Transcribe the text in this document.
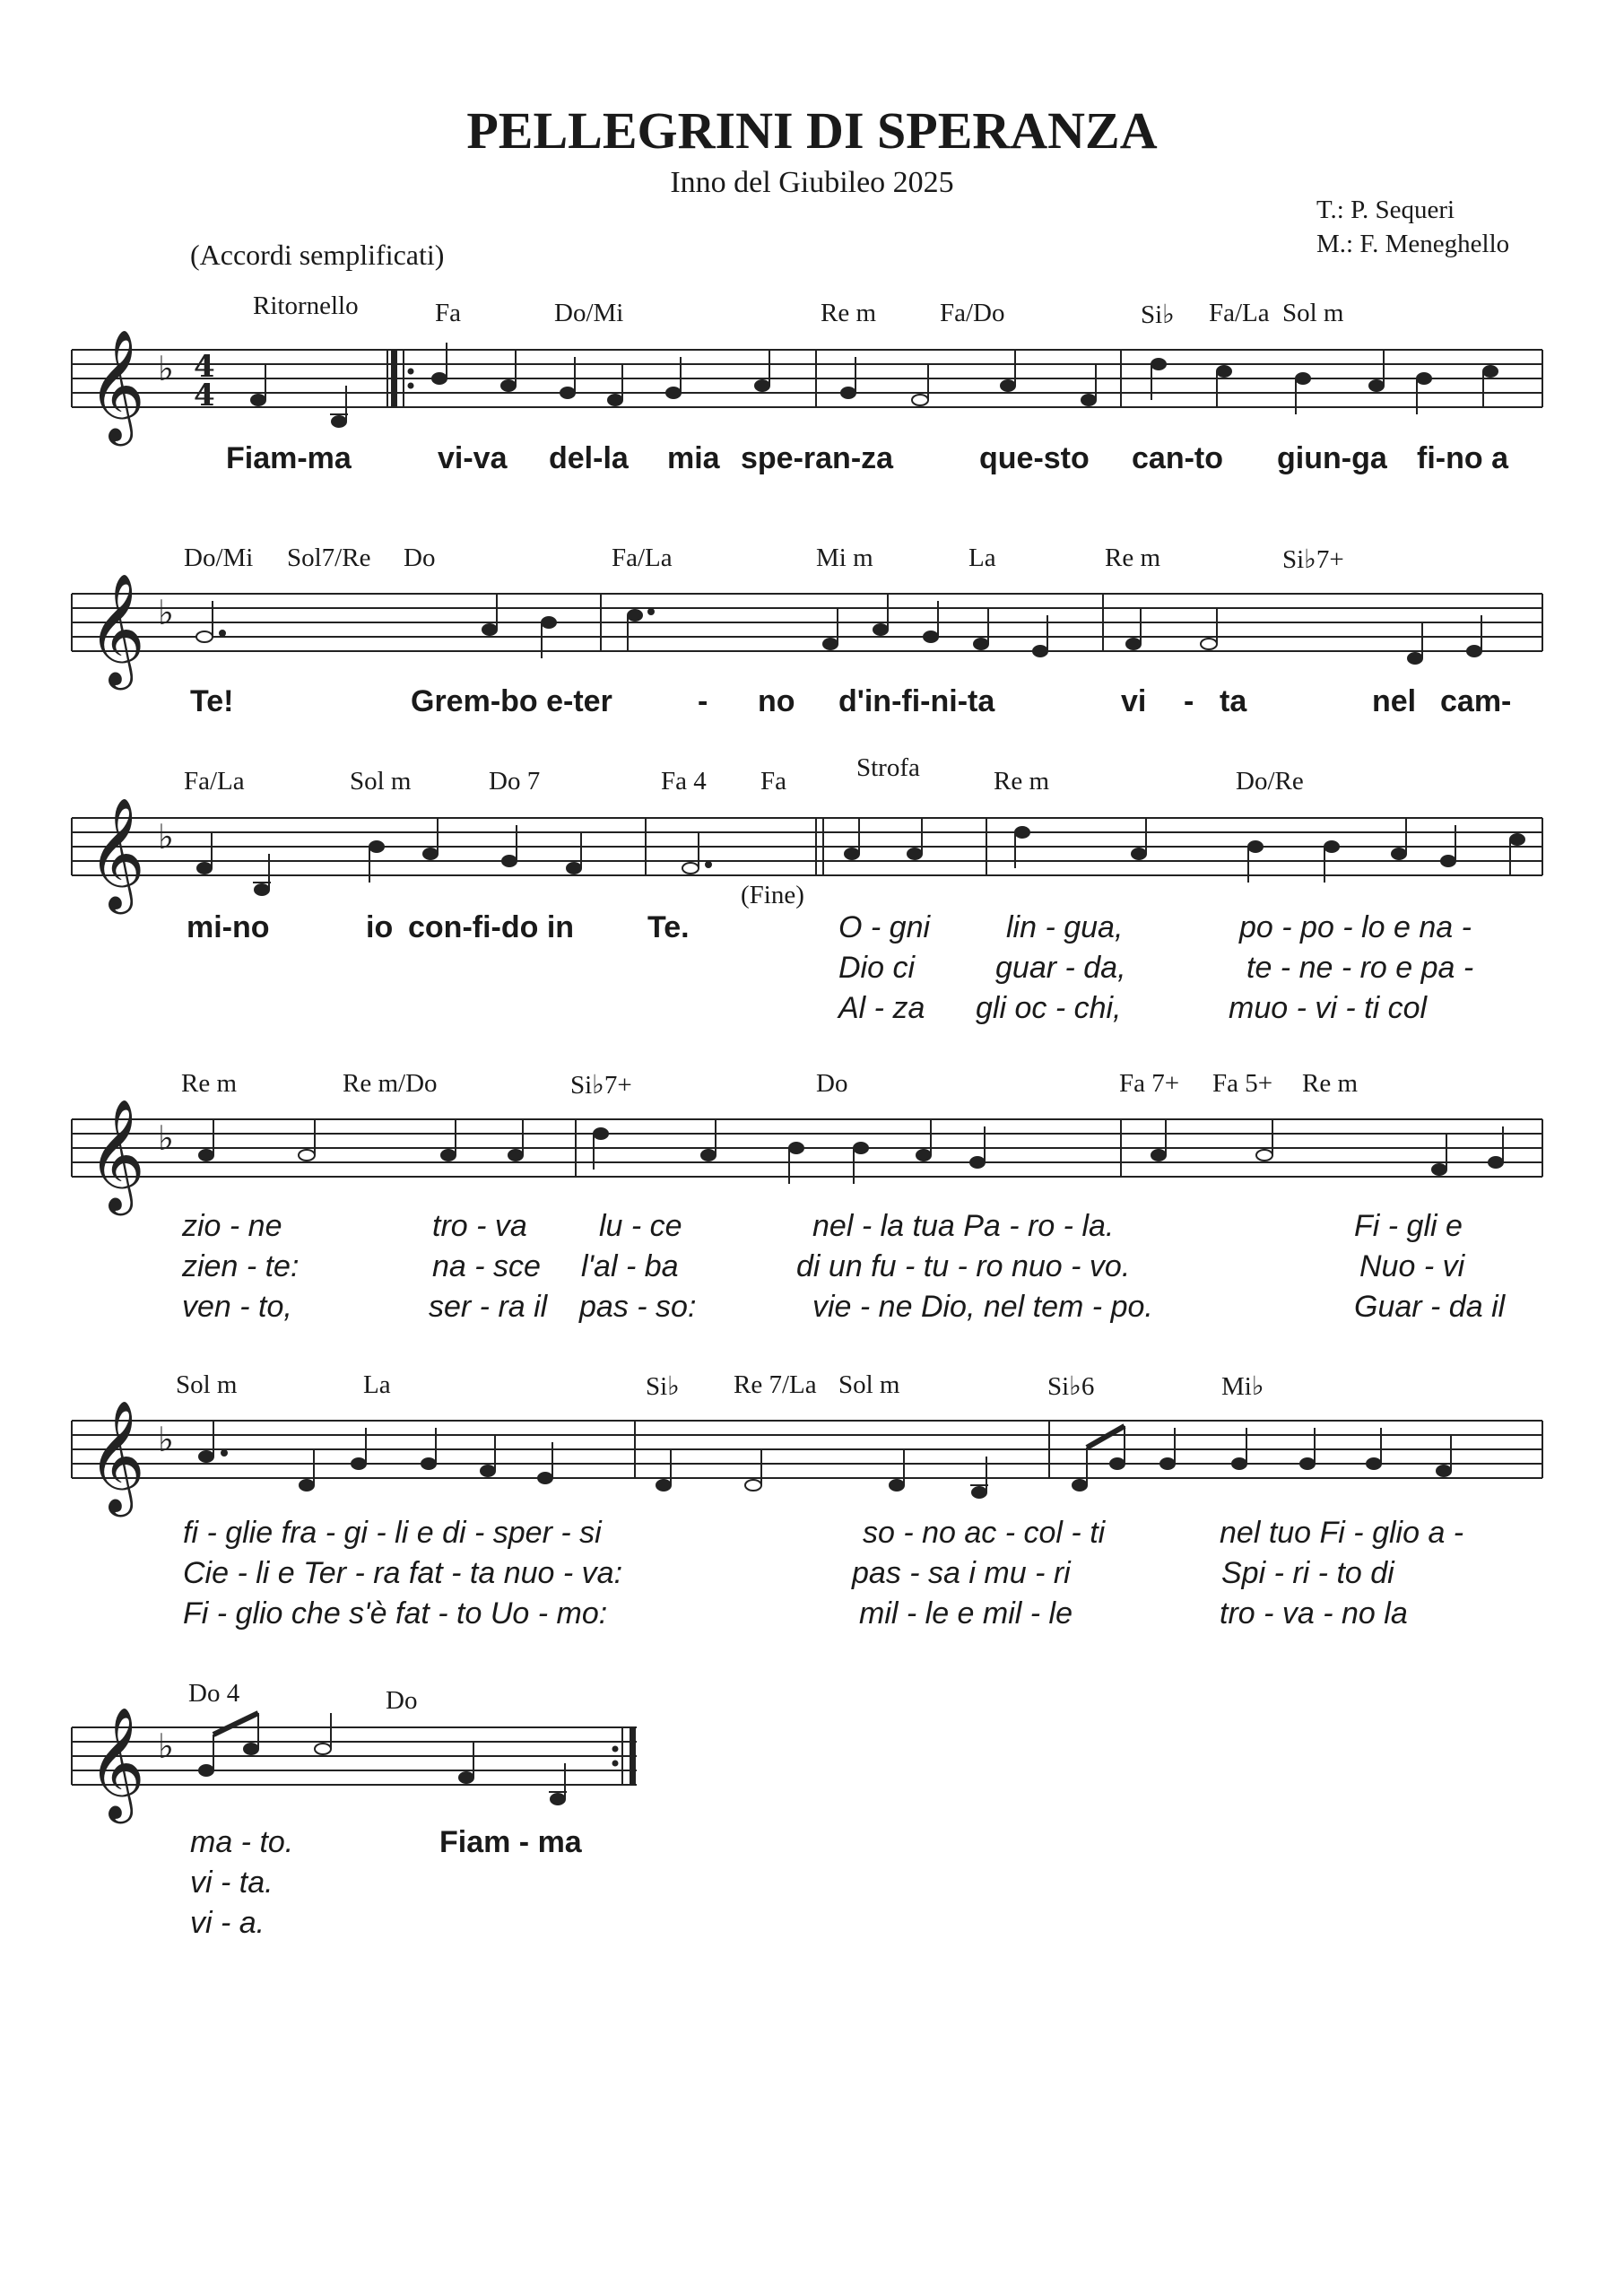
PELLEGRINI DI SPERANZA
Inno del Giubileo 2025
T.: P. Sequeri
M.: F. Meneghello
(Accordi semplificati)
Ritornello	Fa	Do/Mi	Re m Fa/Do	Si♭ Fa/La Sol m
𝄞 ♭ 4
4
Fiam-ma	vi-va del-la mia spe-ran-za	que-sto can-to giun-ga fi-no a
Do/Mi Sol7/Re Do	Fa/La	Mi m	La	Re m	Si♭7+
𝄞 ♭
Te!	Grem-bo e-ter	- no d'in-fi-ni-ta	vi - ta	nel cam-
Fa/La	Sol m	Do 7	Fa 4 Fa	Strofa	Re m	Do/Re
𝄞 ♭
(Fine)
mi-no	io con-fi-do in Te.	O - gni lin - gua,	po - po - lo e na -
Dio ci	guar - da,	te - ne - ro e pa -
Al - za gli oc - chi,	muo - vi - ti col
Re m	Re m/Do	Si♭7+	Do	Fa 7+ Fa 5+ Re m
𝄞 ♭
zio - ne	tro - va lu - ce	nel - la tua Pa - ro - la.	Fi - gli e
zien - te:	na - sce l'al - ba	di un fu - tu - ro nuo - vo.	Nuo - vi
ven - to,	ser - ra il pas - so:	vie - ne Dio, nel tem - po.	Guar - da il
Sol m	La	Si♭ Re 7/La Sol m	Si♭6	Mi♭
𝄞 ♭
fi - glie fra - gi - li e di - sper - si	so - no ac - col - ti	nel tuo Fi - glio a -
Cie - li e Ter - ra fat - ta nuo - va:	pas - sa i mu - ri	Spi - ri - to di
Fi - glio che s'è fat - to Uo - mo:	mil - le e mil - le	tro - va - no la
Do 4	Do
𝄞 ♭
ma - to.	Fiam - ma
vi - ta.
vi - a.
